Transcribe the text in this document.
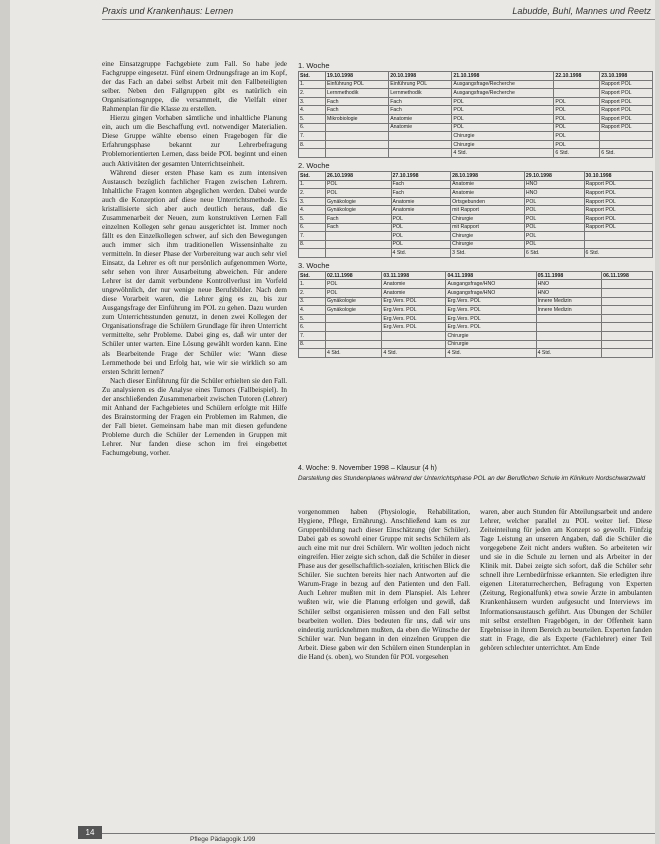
Praxis und Krankenhaus: Lernen	Labudde, Buhl, Mannes und Reetz

eine Einsatzgruppe Fachgebiete zum Fall. So habe jede Fachgruppe eingesetzt. Fünf einem Ordnungsfrage an im Kopf, der das Fach an dabei selbst Arbeit mit den Fallbeteiligten selber. Neben den Fallgruppen gibt es natürlich ein Organisationsgruppe, die versammelt, die Vielfalt einer Rahmenplan für die Klasse zu erstellen.

Hierzu gingen Vorhaben sämtliche und inhaltliche Planung ein, auch um die Beschaffung evtl. notwendiger Materialien. Diese Gruppe wählte ebenso einen Fragebogen für die Erfahrungsphase bekannt zur Lehrerbefragung Problemorientierten Lernen, dass beide POL beginnt und einen auch Aktivitäten der gesamten Unterrichtseinheit.

Während dieser ersten Phase kam es zum intensiven Austausch bezüglich fachlicher Fragen zwischen Lehrern. Inhaltliche Fragen konnten abgeglichen werden. Dabei wurde auch die Konzeption auf diese neue Unterrichtsmethode. Es kristallisierte sich aber auch deutlich heraus, daß die Zusammenarbeit der Neuen, zum konstruktiven Lernen Fall einzelnen Kollegen sehr genau ausgerichtet ist. Immer noch fällt es den Einzelkollegen schwer, auf sich den Bewegungen auch immer sich ihm traditionellen Wissensinhalte zu vermitteln. In dieser Phase der Vorbereitung war auch sehr viel Einsatz, da Lehrer es oft nur persönlich aufgenommen Worte, sehr sehen von ihrer Ausarbeitung abweichen. Für andere Lehrer ist der damit verbundene Kontrollverlust im Vorfeld ungewöhnlich, der nur wenige neue Berufsbilder. Nach dem diese Vorarbeit waren, die Lehrer ging es zu, bis zur Ausgangsfrage der Einführung im POL zu gehen. Dazu wurden zum Unterrichtsstunden genutzt, in denen zwei Kollegen der Organisationsfrage die Schülern Grundlage für ihren Unterricht vermittelte, sehr Probleme. Dabei ging es, daß wir unter der Schüler unter warten. Eine Lösung gewählt worden kann. Eine als Bearbeitende Frage der Schüler wie: 'Wann diese Lernmethode bei und Erfolg hat, wie wir sie wirklich so am ersten Schritt lernen?'

Nach dieser Einführung für die Schüler erhielten sie den Fall. Zu analysieren es die Analyse eines Tumors (Fallbeispiel). In der anschließenden Zusammenarbeit zwischen Tutoren (Lehrer) mit Anhand der Fachgebietes und Schülern erfolgte mit Hilfe des Brainstorming der Fragen ein Problemen im Rahmen, die der Fall bietet. Gemeinsam habe man mit diesen gefundene Probleme durch die Schüler der Lernenden in Gruppen mit Lehrer. Nur fanden diese schon im frei eingebettet Fachumgebung, vorher.

1. Woche
Std.	19.10.1998	20.10.1998	21.10.1998	22.10.1998	23.10.1998
1.	Einführung POL	Einführung POL	Ausgangsfrage/Recherche		Rapport POL
2.	Lernmethodik	Lernmethodik	Ausgangsfrage/Recherche		Rapport POL
3.	Fach	Fach	POL	POL	Rapport POL
4.	Fach	Fach	POL	POL	Rapport POL
5.	Mikrobiologie	Anatomie	POL	POL	Rapport POL
6.		Anatomie	POL	POL	Rapport POL
7.			Chirurgie	POL	
8.			Chirurgie	POL	
			4 Std.	6 Std.	6 Std.
2. Woche
Std.	26.10.1998	27.10.1998	28.10.1998	29.10.1998	30.10.1998
1.	POL	Fach	Anatomie	HNO	Rapport POL
2.	POL	Fach	Anatomie	HNO	Rapport POL
3.	Gynäkologie	Anatomie	Ortsgebunden	POL	Rapport POL
4.	Gynäkologie	Anatomie	mit Rapport	POL	Rapport POL
5.	Fach	POL	Chirurgie	POL	Rapport POL
6.	Fach	POL	mit Rapport	POL	Rapport POL
7.		POL	Chirurgie	POL	
8.		POL	Chirurgie	POL	
		4 Std.	3 Std.	6 Std.	6 Std.
3. Woche
Std.	02.11.1998	03.11.1998	04.11.1998	05.11.1998	06.11.1998
1.	POL	Anatomie	Ausgangsfrage/HNO	HNO	
2.	POL	Anatomie	Ausgangsfrage/HNO	HNO	
3.	Gynäkologie	Erg.Vers. POL	Erg.Vers. POL	Innere Medizin	
4.	Gynäkologie	Erg.Vers. POL	Erg.Vers. POL	Innere Medizin	
5.		Erg.Vers. POL	Erg.Vers. POL		
6.		Erg.Vers. POL	Erg.Vers. POL		
7.			Chirurgie		
8.			Chirurgie		
	4 Std.	4 Std.	4 Std.	4 Std.	
4. Woche: 9. November 1998 – Klausur (4 h)
Darstellung des Stundenplanes während der Unterrichtsphase POL an der Beruflichen Schule im Klinikum Nordschwarzwald
vorgenommen haben (Physiologie, Rehabilitation, Hygiene, Pflege, Ernährung). Anschließend kam es zur Gruppenbildung nach dieser Einschätzung (der Schüler). Dabei gab es sowohl einer Gruppe mit sechs Schülern als auch eine mit nur drei Schülern. Wir wollten jedoch nicht eingreifen. Hier zeigte sich schon, daß die Schüler in dieser Phase aus der gesellschaftlich-sozialen, kritischen Blick die Schüler. Sie suchten bereits hier nach Antworten auf die Warum-Frage in bezug auf den Patienten und den Fall. Auch Lehrer mußten mit in dem Planspiel. Als Lehrer wußten wir, wie die Planung erfolgen und gewiß, daß Schüler selbst organisieren müssen und den Fall selbst bearbeiten wollen. Dies bedeuten für uns, daß wir uns eindeutig zurücknehmen mußten, da eben die Wünsche der Schüler war. Nun begann in den einzelnen Gruppen die Arbeit. Diese gaben wir den Schülern einen Stundenplan in die Hand (s. oben), wo Stunden für POL vorgesehen
waren, aber auch Stunden für Abteilungsarbeit und andere Lehrer, welcher parallel zu POL weiter lief. Diese Zeiteinteilung für jeden am Konzept so gewollt. Fünfzig Tage Leistung an unseren Angaben, daß die Schüler die vorgegebene Zeit nicht anders wußten. So arbeiteten wir und sie in die Schule zu lernen und als Arbeiter in der Klinik mit. Dabei zeigte sich sofort, daß die Schüler sehr schnell ihre Lernbedürfnisse erkannten. Sie erledigten ihre eigenen Literaturrecherchen, Befragung von Experten (Zeitung, Regionalfunk) etwa sowie Ärzte in ambulanten Krankenhäusern wurden aufgesucht und Interviews im Informationsaustausch geführt. Aus Übungen der Schüler mit selbst erstellten Fragebögen, in der Offenheit kann Ergebnisse in ihrem Bereich zu beurteilen. Experten fanden statt in Frage, die als Experte (Fachlehrer) einer Teil gehören schlechter unterrichtet. Am Ende
14
Pflege Pädagogik 1/99
